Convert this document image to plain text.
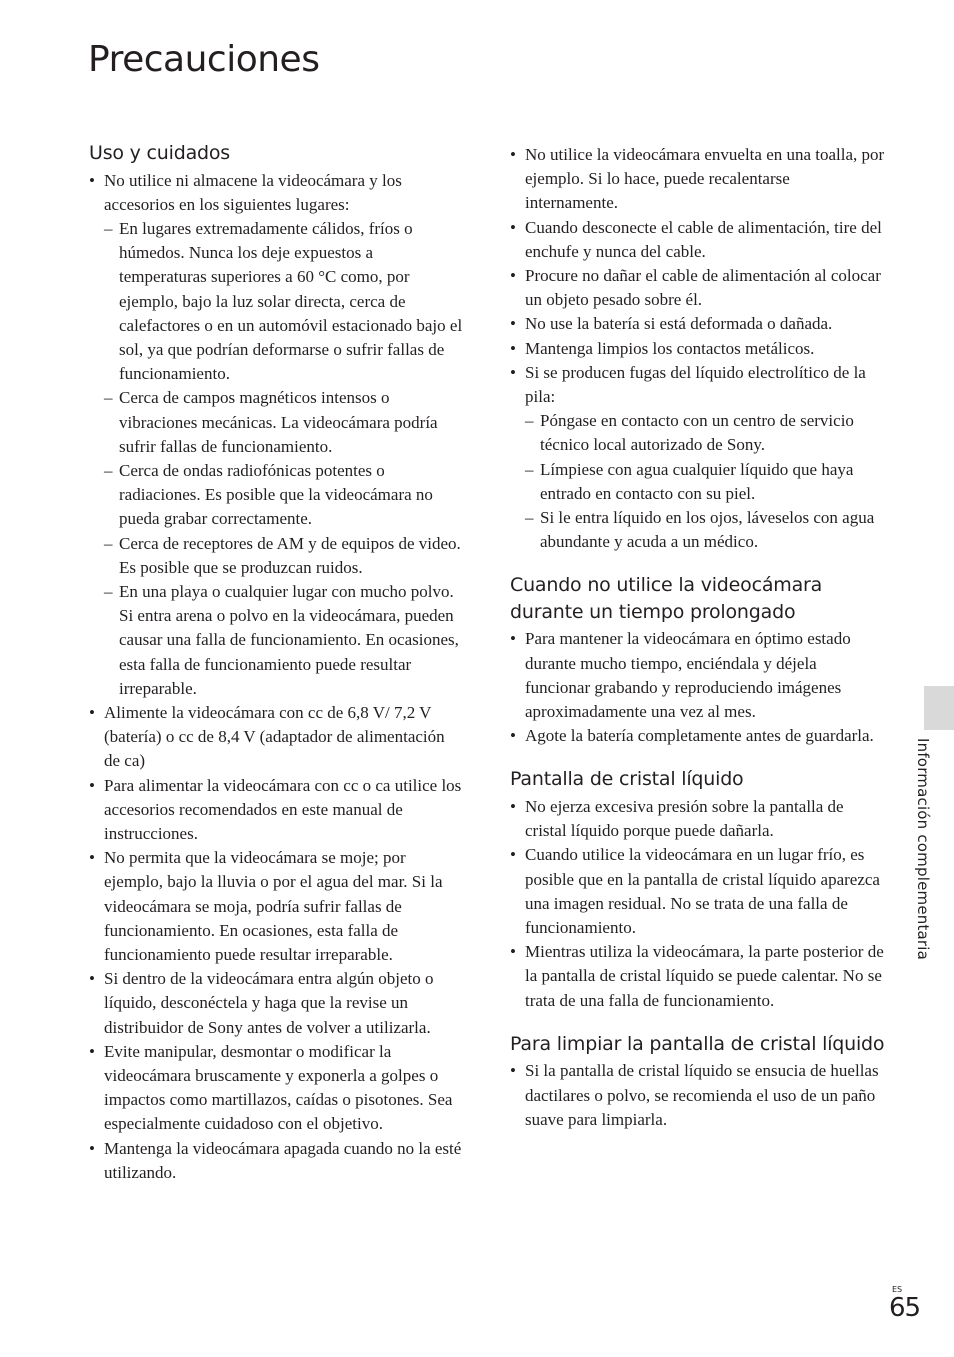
Precauciones
Uso y cuidados
• No utilice ni almacene la videocámara y los accesorios en los siguientes lugares:
– En lugares extremadamente cálidos, fríos o húmedos. Nunca los deje expuestos a temperaturas superiores a 60 °C como, por ejemplo, bajo la luz solar directa, cerca de calefactores o en un automóvil estacionado bajo el sol, ya que podrían deformarse o sufrir fallas de funcionamiento.
– Cerca de campos magnéticos intensos o vibraciones mecánicas. La videocámara podría sufrir fallas de funcionamiento.
– Cerca de ondas radiofónicas potentes o radiaciones. Es posible que la videocámara no pueda grabar correctamente.
– Cerca de receptores de AM y de equipos de video. Es posible que se produzcan ruidos.
– En una playa o cualquier lugar con mucho polvo. Si entra arena o polvo en la videocámara, pueden causar una falla de funcionamiento. En ocasiones, esta falla de funcionamiento puede resultar irreparable.
• Alimente la videocámara con cc de 6,8 V/ 7,2 V (batería) o cc de 8,4 V (adaptador de alimentación de ca)
• Para alimentar la videocámara con cc o ca utilice los accesorios recomendados en este manual de instrucciones.
• No permita que la videocámara se moje; por ejemplo, bajo la lluvia o por el agua del mar. Si la videocámara se moja, podría sufrir fallas de funcionamiento. En ocasiones, esta falla de funcionamiento puede resultar irreparable.
• Si dentro de la videocámara entra algún objeto o líquido, desconéctela y haga que la revise un distribuidor de Sony antes de volver a utilizarla.
• Evite manipular, desmontar o modificar la videocámara bruscamente y exponerla a golpes o impactos como martillazos, caídas o pisotones. Sea especialmente cuidadoso con el objetivo.
• Mantenga la videocámara apagada cuando no la esté utilizando.
• No utilice la videocámara envuelta en una toalla, por ejemplo. Si lo hace, puede recalentarse internamente.
• Cuando desconecte el cable de alimentación, tire del enchufe y nunca del cable.
• Procure no dañar el cable de alimentación al colocar un objeto pesado sobre él.
• No use la batería si está deformada o dañada.
• Mantenga limpios los contactos metálicos.
• Si se producen fugas del líquido electrolítico de la pila:
– Póngase en contacto con un centro de servicio técnico local autorizado de Sony.
– Límpiese con agua cualquier líquido que haya entrado en contacto con su piel.
– Si le entra líquido en los ojos, láveselos con agua abundante y acuda a un médico.
Cuando no utilice la videocámara durante un tiempo prolongado
• Para mantener la videocámara en óptimo estado durante mucho tiempo, enciéndala y déjela funcionar grabando y reproduciendo imágenes aproximadamente una vez al mes.
• Agote la batería completamente antes de guardarla.
Pantalla de cristal líquido
• No ejerza excesiva presión sobre la pantalla de cristal líquido porque puede dañarla.
• Cuando utilice la videocámara en un lugar frío, es posible que en la pantalla de cristal líquido aparezca una imagen residual. No se trata de una falla de funcionamiento.
• Mientras utiliza la videocámara, la parte posterior de la pantalla de cristal líquido se puede calentar. No se trata de una falla de funcionamiento.
Para limpiar la pantalla de cristal líquido
• Si la pantalla de cristal líquido se ensucia de huellas dactilares o polvo, se recomienda el uso de un paño suave para limpiarla.
Información complementaria
ES
65
